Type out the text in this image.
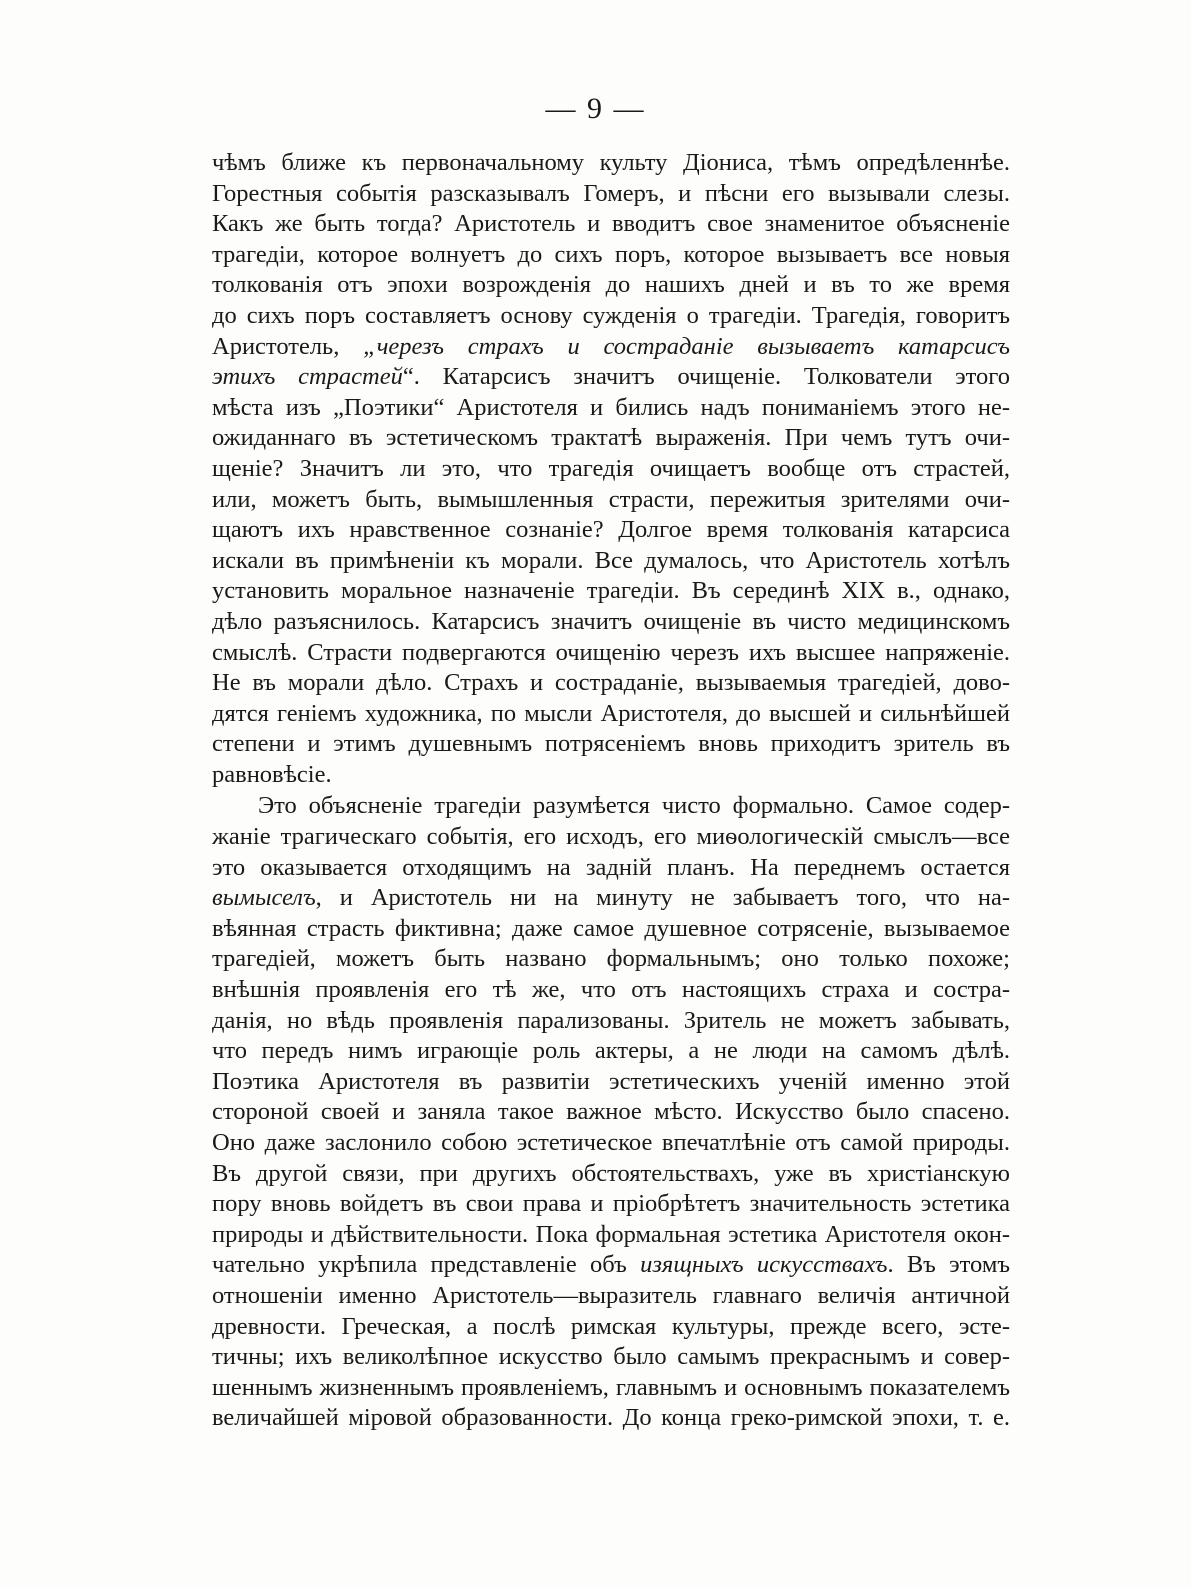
— 9 —
чѣмъ ближе къ первоначальному культу Діониса, тѣмъ опредѣленнѣе.
Горестныя событія разсказывалъ Гомеръ, и пѣсни его вызывали слезы.
Какъ же быть тогда? Аристотель и вводитъ свое знаменитое объясненіе
трагедіи, которое волнуетъ до сихъ поръ, которое вызываетъ все новыя
толкованія отъ эпохи возрожденія до нашихъ дней и въ то же время
до сихъ поръ составляетъ основу сужденія о трагедіи. Трагедія, говоритъ
Аристотель, „черезъ страхъ и состраданіе вызываетъ катарсисъ
этихъ страстей“. Катарсисъ значитъ очищеніе. Толкователи этого
мѣста изъ „Поэтики“ Аристотеля и бились надъ пониманіемъ этого не-
ожиданнаго въ эстетическомъ трактатѣ выраженія. При чемъ тутъ очи-
щеніе? Значитъ ли это, что трагедія очищаетъ вообще отъ страстей,
или, можетъ быть, вымышленныя страсти, пережитыя зрителями очи-
щаютъ ихъ нравственное сознаніе? Долгое время толкованія катарсиса
искали въ примѣненіи къ морали. Все думалось, что Аристотель хотѣлъ
установить моральное назначеніе трагедіи. Въ серединѣ XIX в., однако,
дѣло разъяснилось. Катарсисъ значитъ очищеніе въ чисто медицинскомъ
смыслѣ. Страсти подвергаются очищенію черезъ ихъ высшее напряженіе.
Не въ морали дѣло. Страхъ и состраданіе, вызываемыя трагедіей, дово-
дятся геніемъ художника, по мысли Аристотеля, до высшей и сильнѣйшей
степени и этимъ душевнымъ потрясеніемъ вновь приходитъ зритель въ
равновѣсіе.
Это объясненіе трагедіи разумѣется чисто формально. Самое содер-
жаніе трагическаго событія, его исходъ, его миѳологическій смыслъ—все
это оказывается отходящимъ на задній планъ. На переднемъ остается
вымыселъ, и Аристотель ни на минуту не забываетъ того, что на-
вѣянная страсть фиктивна; даже самое душевное сотрясеніе, вызываемое
трагедіей, можетъ быть названо формальнымъ; оно только похоже;
внѣшнія проявленія его тѣ же, что отъ настоящихъ страха и состра-
данія, но вѣдь проявленія парализованы. Зритель не можетъ забывать,
что передъ нимъ играющіе роль актеры, а не люди на самомъ дѣлѣ.
Поэтика Аристотеля въ развитіи эстетическихъ ученій именно этой
стороной своей и заняла такое важное мѣсто. Искусство было спасено.
Оно даже заслонило собою эстетическое впечатлѣніе отъ самой природы.
Въ другой связи, при другихъ обстоятельствахъ, уже въ христіанскую
пору вновь войдетъ въ свои права и пріобрѣтетъ значительность эстетика
природы и дѣйствительности. Пока формальная эстетика Аристотеля окон-
чательно укрѣпила представленіе объ изящныхъ искусствахъ. Въ этомъ
отношеніи именно Аристотель—выразитель главнаго величія античной
древности. Греческая, а послѣ римская культуры, прежде всего, эсте-
тичны; ихъ великолѣпное искусство было самымъ прекраснымъ и совер-
шеннымъ жизненнымъ проявленіемъ, главнымъ и основнымъ показателемъ
величайшей міровой образованности. До конца греко-римской эпохи, т. е.
